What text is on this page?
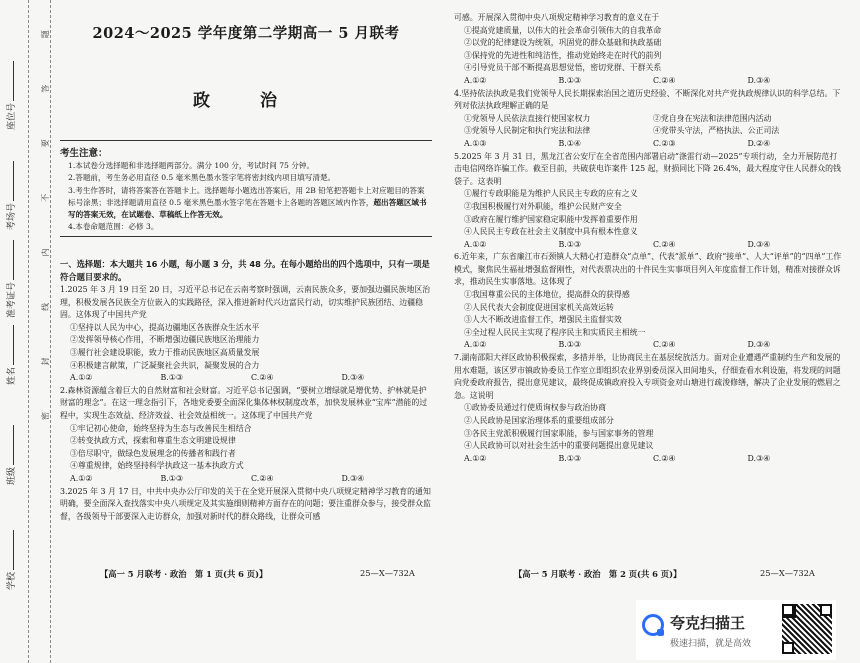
学校
班级
姓名
准考证号
考场号
座位号	密 封 线 内 不 要 答 题	2024～2025 学年度第二学期高一 5 月联考
政 治
考生注意：
1.本试卷分选择题和非选择题两部分。满分 100 分，考试时间 75 分钟。
2.答题前，考生务必用直径 0.5 毫米黑色墨水签字笔将密封线内项目填写清楚。
3.考生作答时，请将答案答在答题卡上。选择题每小题选出答案后，用 2B 铅笔把答题卡上对应题目的答案标号涂黑；非选择题请用直径 0.5 毫米黑色墨水签字笔在答题卡上各题的答题区域内作答，超出答题区域书写的答案无效，在试题卷、草稿纸上作答无效。
4.本卷命题范围：必修 3。
一、选择题：本大题共 16 小题，每小题 3 分，共 48 分。在每小题给出的四个选项中，只有一项是符合题目要求的。
1.2025 年 3 月 19 日至 20 日，习近平总书记在云南考察时强调，云南民族众多，要加强边疆民族地区治理，积极发展各民族全方位嵌入的实践路径，深入推进新时代兴边富民行动，切实维护民族团结、边疆稳固。这体现了中国共产党
①坚持以人民为中心，提高边疆地区各族群众生活水平
②发挥领导核心作用，不断增强边疆民族地区治理能力
③履行社会建设职能，致力于推动民族地区高质量发展
④积极建言献策，广泛凝聚社会共识，凝聚发展的合力
A.①②	B.①③	C.②④	D.③④
2.森林资源蕴含着巨大的自然财富和社会财富。习近平总书记强调，“要树立增绿就是增优势、护林就是护财富的理念”。在这一理念指引下，各地党委要全面深化集体林权制度改革，加快发展林业“宝库”潜能的过程中，实现生态效益、经济效益、社会效益相统一。这体现了中国共产党
①牢记初心使命，始终坚持为生态与改善民生相结合
②转变执政方式，探索和尊重生态文明建设规律
③倍尽职守，做绿色发展理念的传播者和践行者
④尊重规律，始终坚持科学执政这一基本执政方式
A.①②	B.①③	C.②④	D.③④
3.2025 年 3 月 17 日，中共中央办公厅印发的关于在全党开展深入贯彻中央八项规定精神学习教育的通知明确，要全面深入查找落实中央八项规定及其实施细则精神方面存在的问题；要注重群众参与，接受群众监督，各级领导干部要深入走访群众，加强对新时代的群众路线，让群众可感
【高一 5 月联考 · 政治　第 1 页(共 6 页)】	25—X—732A
可感。开展深入贯彻中央八项规定精神学习教育的意义在于
①提高党建质量，以伟大的社会革命引领伟大的自我革命
②以党的纪律建设为统领，巩固党的群众基础和执政基础
③保持党的先进性和纯洁性，推动党始终走在时代的前列
④引导党员干部不断提高思想觉悟，密切党群、干群关系
A.①②	B.①③	C.②④	D.③④
4.坚持依法执政是我们党领导人民长期探索治国之道历史经验、不断深化对共产党执政规律认识的科学总结。下列对依法执政理解正确的是
①党领导人民依法直接行使国家权力	②党自身在宪法和法律范围内活动
③党领导人民制定和执行宪法和法律	④党带头守法，严格执法、公正司法
A.①③	B.①④	C.②③	D.②④
5.2025 年 3 月 31 日，黑龙江省公安厅在全省范围内部署启动“涤雷行动—2025”专项行动，全力开展防范打击电信网络诈骗工作。截至目前，共破获电诈案件 125 起，财损同比下降 26.4%，最大程度守住人民群众的钱袋子。这表明
①履行专政职能是为维护人民民主专政的应有之义
②我国积极履行对外职能，维护公民财产安全
③政府在履行维护国家稳定职能中发挥着重要作用
④人民民主专政在社会主义制度中具有根本性意义
A.①②	B.①③	C.②④	D.③④
6.近年来，广东省廉江市石颈镇人大精心打造群众“点单”、代表“派单”、政府“接单”、人大“评单”的“四单”工作模式，聚焦民生福祉增强监督刚性，对代表票决出的十件民生实事项目列入年度监督工作计划，精准对接群众诉求，推动民生实事落地。这体现了
①我国尊重公民的主体地位，提高群众的获得感
②人民代表大会制度促进国家机关高效运转
③人大不断改进监督工作，增强民主监督实效
④全过程人民民主实现了程序民主和实质民主相统一
A.①②	B.①③	C.②④	D.③④
7.湖南邵阳大祥区政协积极探索，多措并举，让协商民主在基层绽放活力。面对企业遭遇严重制约生产和发展的用水难题，该区罗市镇政协委员工作室立即组织农业界别委员深入田间地头，仔细查看水利设施，将发现的问题向党委政府报告，提出意见建议，最终促成镇政府投入专项资金对山塘进行疏浚修缮，解决了企业发展的燃眉之急。这说明
①政协委员通过行使质询权参与政治协商
②人民政协是国家治理体系的重要组成部分
③各民主党派积极履行国家职能，参与国家事务的管理
④人民政协可以对社会生活中的重要问题提出意见建议
A.①②	B.①③	C.②④	D.③④
【高一 5 月联考 · 政治　第 2 页(共 6 页)】	25—X—732A
夸克扫描王
极速扫描，就是高效
